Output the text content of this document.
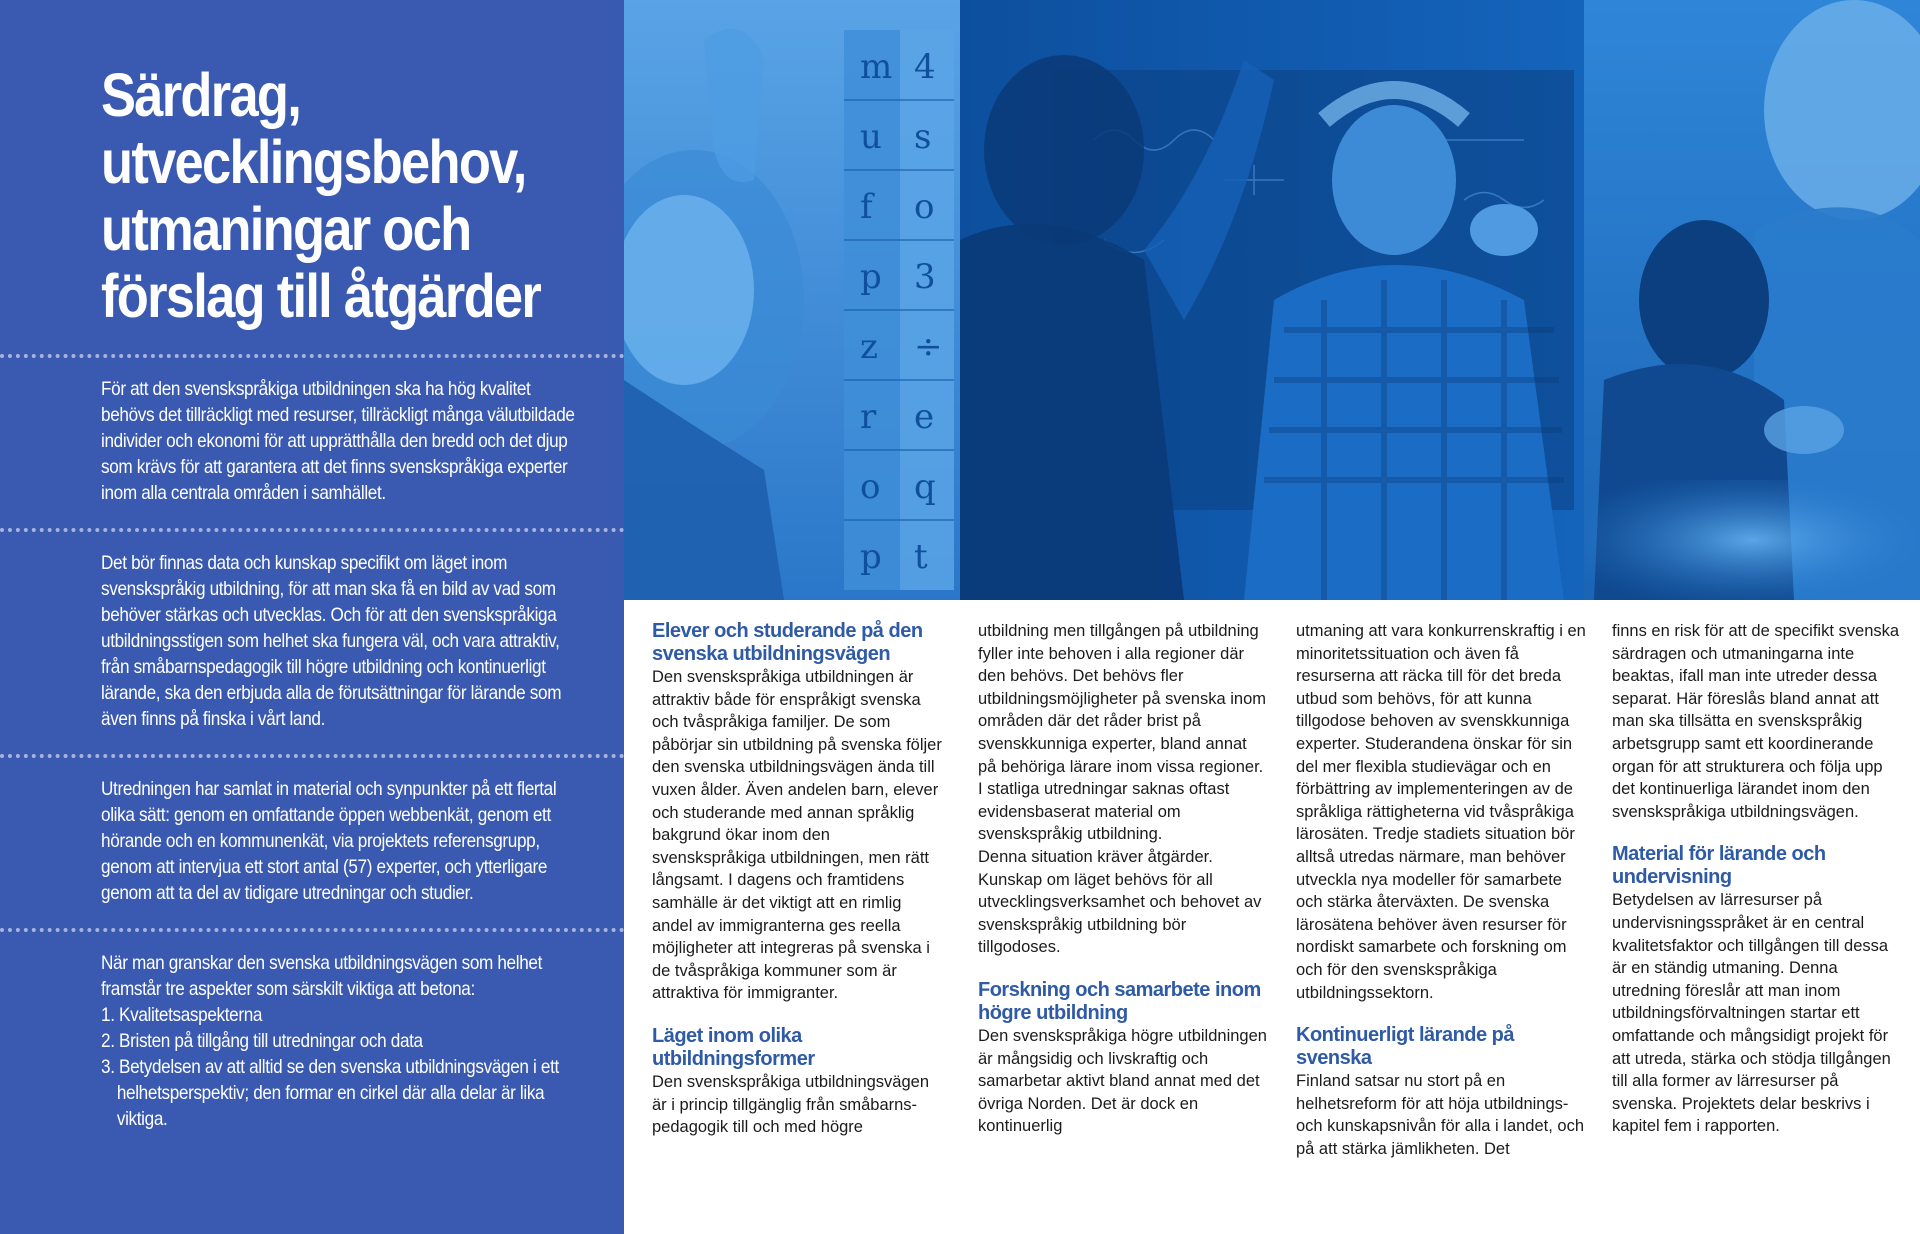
Särdrag,
utvecklingsbehov,
utmaningar och
förslag till åtgärder

För att den svenskspråkiga utbildningen ska ha hög kvalitet behövs det tillräckligt med resurser, tillräckligt många välutbildade individer och ekonomi för att upprätthålla den bredd och det djup som krävs för att garantera att det finns svenskspråkiga experter inom alla centrala områden i samhället.

Det bör finnas data och kunskap specifikt om läget inom svenskspråkig utbildning, för att man ska få en bild av vad som behöver stärkas och utvecklas. Och för att den svenskspråkiga utbildningsstigen som helhet ska fungera väl, och vara attraktiv, från småbarnspedagogik till högre utbildning och kontinuerligt lärande, ska den erbjuda alla de förutsättningar för lärande som även finns på finska i vårt land.

Utredningen har samlat in material och synpunkter på ett flertal olika sätt: genom en omfattande öppen webbenkät, genom ett hörande och en kommunenkät, via projektets referensgrupp, genom att intervjua ett stort antal (57) experter, och ytterligare genom att ta del av tidigare utredningar och studier.

När man granskar den svenska utbildningsvägen som helhet framstår tre aspekter som särskilt viktiga att betona:

1. Kvalitetsaspekterna
2. Bristen på tillgång till utredningar och data
3. Betydelsen av att alltid se den svenska utbildningsvägen i ett helhetsperspektiv; den formar en cirkel där alla delar är lika viktiga.
m
u
f
p
z
r
o
p
4
s
o
3
÷
e
q
t
Elever och studerande på den svenska utbildningsvägen

Den svenskspråkiga utbildningen är attraktiv både för enspråkigt svenska och tvåspråkiga familjer. De som påbörjar sin utbildning på svenska följer den svenska utbildningsvägen ända till vuxen ålder. Även andelen barn, elever och studerande med annan språklig bakgrund ökar inom den svenskspråkiga utbildningen, men rätt långsamt. I dagens och framtidens samhälle är det viktigt att en rimlig andel av immigranterna ges reella möjligheter att integreras på svenska i de tvåspråkiga kommuner som är attraktiva för immigranter.

Läget inom olika utbildningsformer

Den svenskspråkiga utbildningsvägen är i princip tillgänglig från småbarns-pedagogik till och med högre

utbildning men tillgången på utbildning fyller inte behoven i alla regioner där den behövs. Det behövs fler utbildningsmöjligheter på svenska inom områden där det råder brist på svenskkunniga experter, bland annat på behöriga lärare inom vissa regioner. I statliga utredningar saknas oftast evidensbaserat material om svenskspråkig utbildning.

Denna situation kräver åtgärder. Kunskap om läget behövs för all utvecklingsverksamhet och behovet av svenskspråkig utbildning bör tillgodoses.

Forskning och samarbete inom högre utbildning

Den svenskspråkiga högre utbildningen är mångsidig och livskraftig och samarbetar aktivt bland annat med det övriga Norden. Det är dock en kontinuerlig

utmaning att vara konkurrenskraftig i en minoritetssituation och även få resurserna att räcka till för det breda utbud som behövs, för att kunna tillgodose behoven av svenskkunniga experter. Studerandena önskar för sin del mer flexibla studievägar och en förbättring av implementeringen av de språkliga rättigheterna vid tvåspråkiga lärosäten. Tredje stadiets situation bör alltså utredas närmare, man behöver utveckla nya modeller för samarbete och stärka återväxten. De svenska lärosätena behöver även resurser för nordiskt samarbete och forskning om och för den svenskspråkiga utbildningssektorn.

Kontinuerligt lärande på svenska

Finland satsar nu stort på en helhetsreform för att höja utbildnings- och kunskapsnivån för alla i landet, och på att stärka jämlikheten. Det

finns en risk för att de specifikt svenska särdragen och utmaningarna inte beaktas, ifall man inte utreder dessa separat. Här föreslås bland annat att man ska tillsätta en svenskspråkig arbetsgrupp samt ett koordinerande organ för att strukturera och följa upp det kontinuerliga lärandet inom den svenskspråkiga utbildningsvägen.

Material för lärande och undervisning

Betydelsen av lärresurser på undervisningsspråket är en central kvalitetsfaktor och tillgången till dessa är en ständig utmaning. Denna utredning föreslår att man inom utbildningsförvaltningen startar ett omfattande och mångsidigt projekt för att utreda, stärka och stödja tillgången till alla former av lärresurser på svenska. Projektets delar beskrivs i kapitel fem i rapporten.
